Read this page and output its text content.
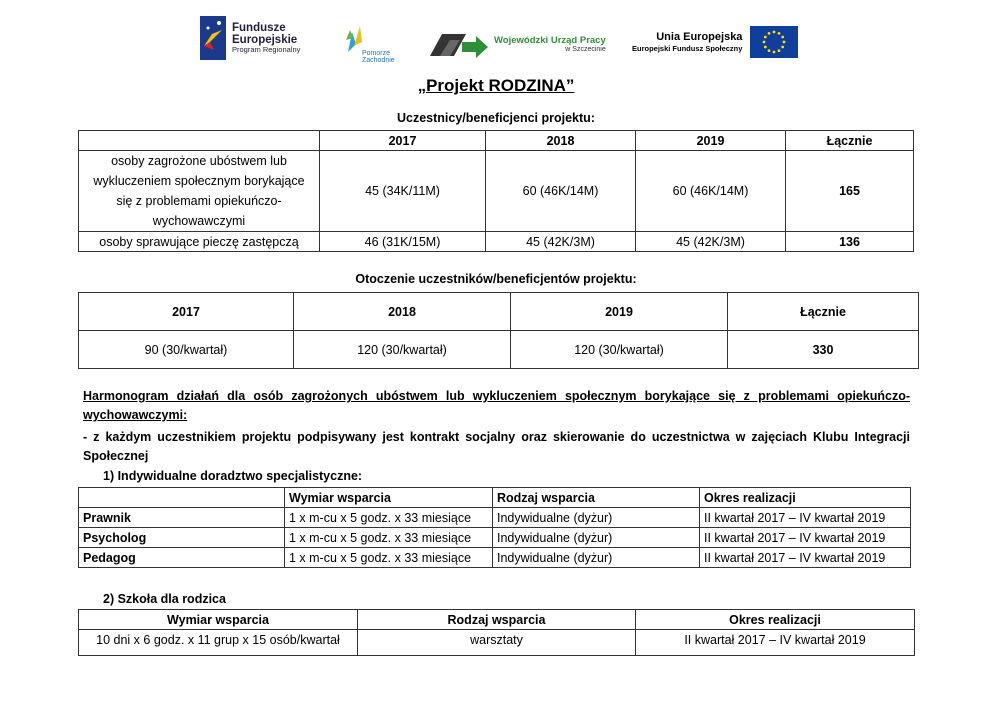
Fundusze
Europejskie
Program Regionalny	Pomorze
Zachodnie
Wojewódzki Urząd Pracy
w Szczecinie
Unia Europejska
Europejski Fundusz Społeczny
„Projekt RODZINA”
Uczestnicy/beneficjenci projektu:
	2017	2018	2019	Łącznie
osoby zagrożone ubóstwem lub wykluczeniem społecznym borykające się z problemami opiekuńczo-wychowawczymi	45 (34K/11M)	60 (46K/14M)	60 (46K/14M)	165
osoby sprawujące pieczę zastępczą	46 (31K/15M)	45 (42K/3M)	45 (42K/3M)	136
Otoczenie uczestników/beneficjentów projektu:
2017	2018	2019	Łącznie
90 (30/kwartał)	120 (30/kwartał)	120 (30/kwartał)	330
Harmonogram działań dla osób zagrożonych ubóstwem lub wykluczeniem społecznym borykające się z problemami opiekuńczo-wychowawczymi:
- z każdym uczestnikiem projektu podpisywany jest kontrakt socjalny oraz skierowanie do uczestnictwa w zajęciach Klubu Integracji Społecznej
1) Indywidualne doradztwo specjalistyczne:
	Wymiar wsparcia	Rodzaj wsparcia	Okres realizacji
Prawnik	1 x m-cu x 5 godz. x 33 miesiące	Indywidualne (dyżur)	II kwartał 2017 – IV kwartał 2019
Psycholog	1 x m-cu x 5 godz. x 33 miesiące	Indywidualne (dyżur)	II kwartał 2017 – IV kwartał 2019
Pedagog	1 x m-cu x 5 godz. x 33 miesiące	Indywidualne (dyżur)	II kwartał 2017 – IV kwartał 2019
2) Szkoła dla rodzica
Wymiar wsparcia	Rodzaj wsparcia	Okres realizacji
10 dni x 6 godz. x 11 grup x 15 osób/kwartał	warsztaty	II kwartał 2017 – IV kwartał 2019
